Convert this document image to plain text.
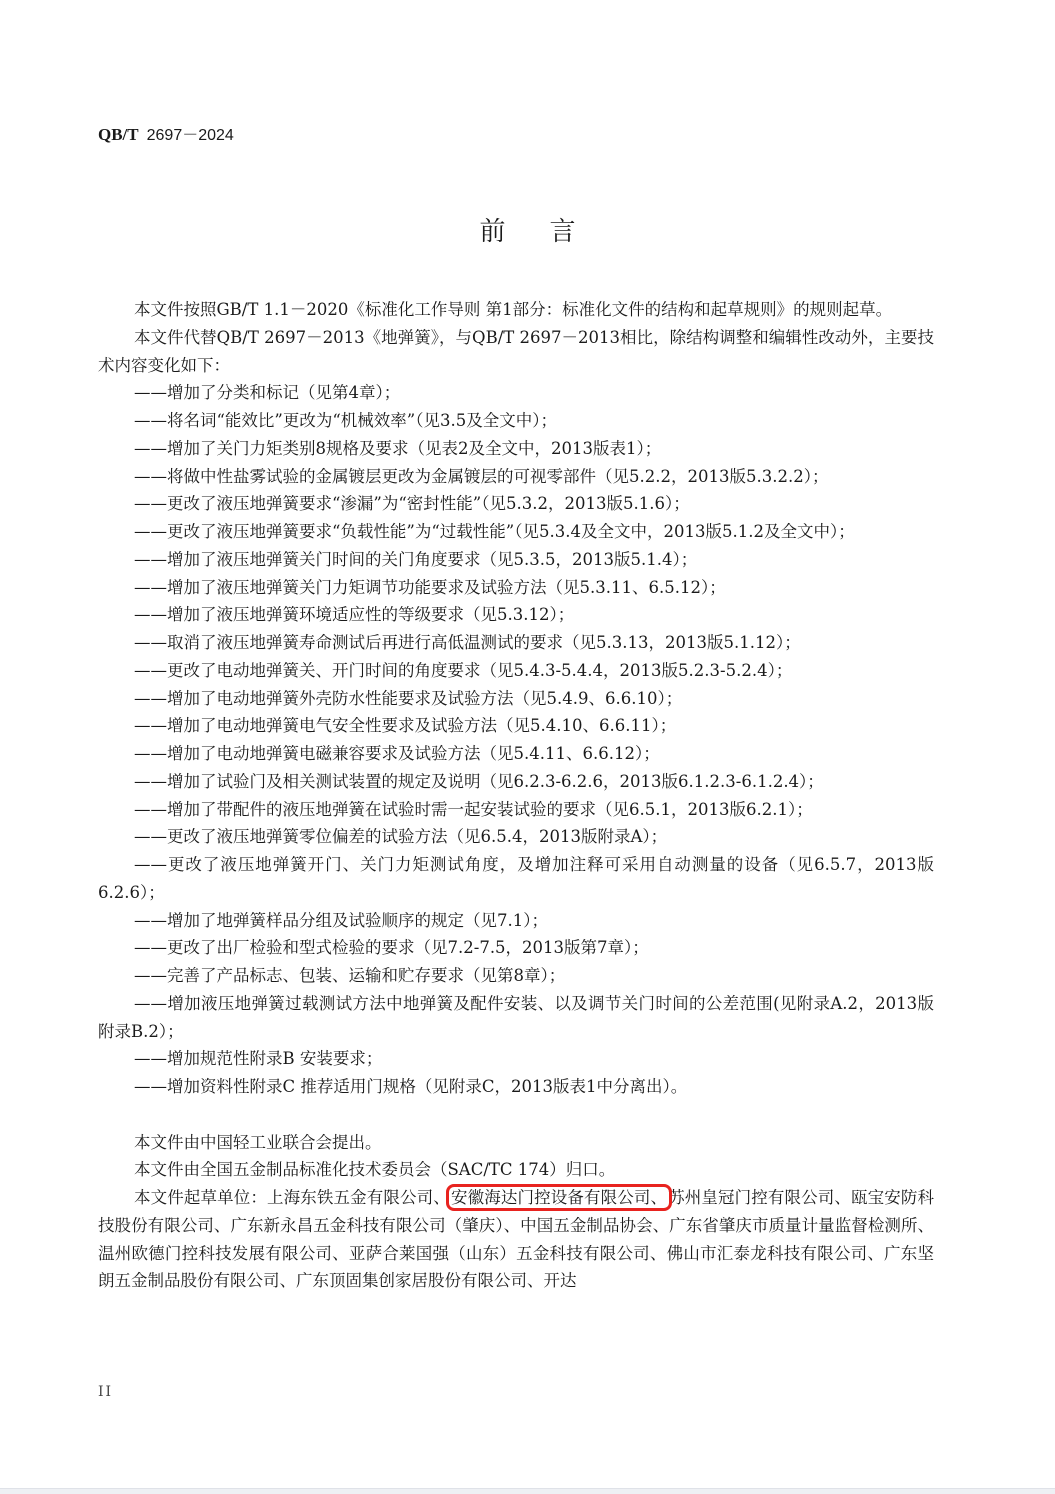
QB/T 2697－2024
前言

本文件按照GB/T 1.1－2020《标准化工作导则 第1部分：标准化文件的结构和起草规则》的规则起草。

本文件代替QB/T 2697－2013《地弹簧》，与QB/T 2697－2013相比，除结构调整和编辑性改动外，主要技术内容变化如下：

——增加了分类和标记（见第4章）；

——将名词“能效比”更改为“机械效率”（见3.5及全文中）；

——增加了关门力矩类别8规格及要求（见表2及全文中，2013版表1）；

——将做中性盐雾试验的金属镀层更改为金属镀层的可视零部件（见5.2.2，2013版5.3.2.2）；

——更改了液压地弹簧要求“渗漏”为“密封性能”（见5.3.2，2013版5.1.6）；

——更改了液压地弹簧要求“负载性能”为“过载性能”（见5.3.4及全文中，2013版5.1.2及全文中）；

——增加了液压地弹簧关门时间的关门角度要求（见5.3.5，2013版5.1.4）；

——增加了液压地弹簧关门力矩调节功能要求及试验方法（见5.3.11、6.5.12）；

——增加了液压地弹簧环境适应性的等级要求（见5.3.12）；

——取消了液压地弹簧寿命测试后再进行高低温测试的要求（见5.3.13，2013版5.1.12）；

——更改了电动地弹簧关、开门时间的角度要求（见5.4.3-5.4.4，2013版5.2.3-5.2.4）；

——增加了电动地弹簧外壳防水性能要求及试验方法（见5.4.9、6.6.10）；

——增加了电动地弹簧电气安全性要求及试验方法（见5.4.10、6.6.11）；

——增加了电动地弹簧电磁兼容要求及试验方法（见5.4.11、6.6.12）；

——增加了试验门及相关测试装置的规定及说明（见6.2.3-6.2.6，2013版6.1.2.3-6.1.2.4）；

——增加了带配件的液压地弹簧在试验时需一起安装试验的要求（见6.5.1，2013版6.2.1）；

——更改了液压地弹簧零位偏差的试验方法（见6.5.4，2013版附录A）；

——更改了液压地弹簧开门、关门力矩测试角度，及增加注释可采用自动测量的设备（见6.5.7，2013版6.2.6）；

——增加了地弹簧样品分组及试验顺序的规定（见7.1）；

——更改了出厂检验和型式检验的要求（见7.2-7.5，2013版第7章）；

——完善了产品标志、包装、运输和贮存要求（见第8章）；

——增加液压地弹簧过载测试方法中地弹簧及配件安装、以及调节关门时间的公差范围(见附录A.2，2013版附录B.2）；

——增加规范性附录B 安装要求；

——增加资料性附录C 推荐适用门规格（见附录C，2013版表1中分离出）。

本文件由中国轻工业联合会提出。

本文件由全国五金制品标准化技术委员会（SAC/TC 174）归口。

本文件起草单位：上海东铁五金有限公司、安徽海达门控设备有限公司、苏州皇冠门控有限公司、瓯宝安防科技股份有限公司、广东新永昌五金科技有限公司（肇庆）、中国五金制品协会、广东省肇庆市质量计量监督检测所、温州欧德门控科技发展有限公司、亚萨合莱国强（山东）五金科技有限公司、佛山市汇泰龙科技有限公司、广东坚朗五金制品股份有限公司、广东顶固集创家居股份有限公司、开达

II
